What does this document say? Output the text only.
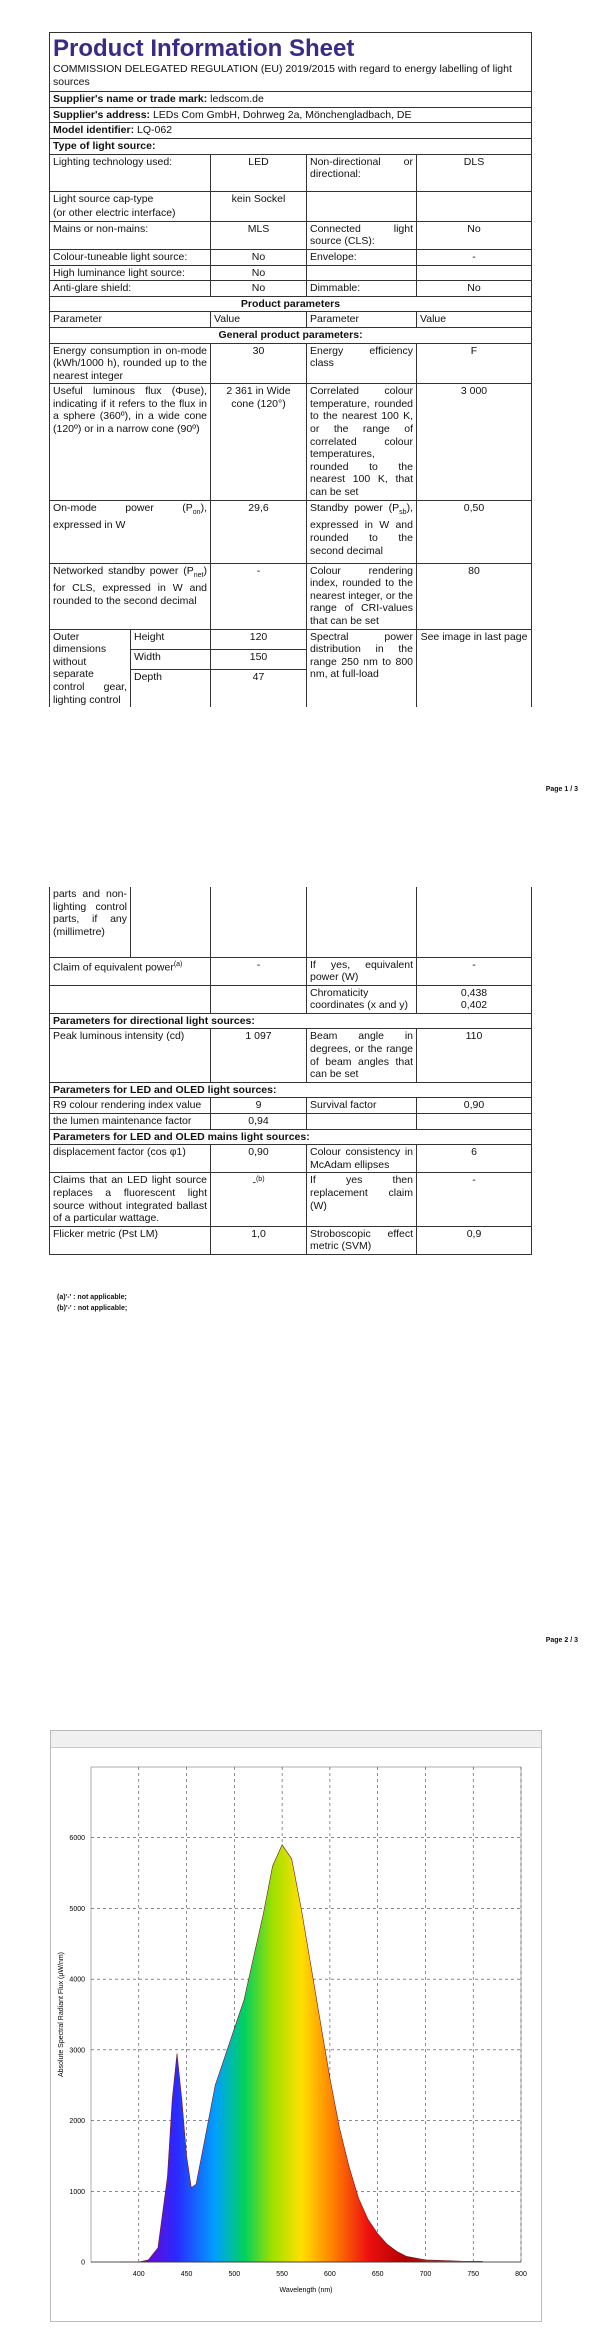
Product Information Sheet
COMMISSION DELEGATED REGULATION (EU) 2019/2015 with regard to energy labelling of light sources				

Supplier's name or trade mark: ledscom.de				
Supplier's address: LEDs Com GmbH, Dohrweg 2a, Mönchengladbach, DE				
Model identifier: LQ-062				
Type of light source:				
Lighting technology used:		LED	Non-directional or directional:	DLS

Light source cap-type
(or other electric interface)		kein Sockel		
Mains or non-mains:		MLS	Connected light source (CLS):	No
Colour-tuneable light source:		No	Envelope:	-
High luminance light source:		No		
Anti-glare shield:		No	Dimmable:	No
Product parameters				
Parameter		Value	Parameter	Value
General product parameters:				
Energy consumption in on-mode (kWh/1000 h), rounded up to the nearest integer		30	Energy efficiency class	F
Useful luminous flux (Φuse), indicating if it refers to the flux in a sphere (360º), in a wide cone (120º) or in a narrow cone (90º)		2 361 in Wide cone (120°)	Correlated colour temperature, rounded to the nearest 100 K, or the range of correlated colour temperatures, rounded to the nearest 100 K, that can be set	3 000
On-mode power $(P_{on})$, expressed in W		29,6	Standby power $(P_{sb})$, expressed in W and rounded to the second decimal	0,50
Networked standby power $(P_{net})$ for CLS, expressed in W and rounded to the second decimal		-	Colour rendering index, rounded to the nearest integer, or the range of CRI-values that can be set	80
Outer dimensions without separate control gear, lighting control	Height	120	Spectral power distribution in the range 250 nm to 800 nm, at full-load	See image in last page
	Width	150		
	Depth	47		
Page 1 / 3
parts and non-lighting control parts, if any (millimetre)				
Claim of equivalent power$^{(a)}$		-	If yes, equivalent power (W)	-
			Chromaticity coordinates (x and y)	0,438
0,402

Parameters for directional light sources:				
Peak luminous intensity (cd)		1 097	Beam angle in degrees, or the range of beam angles that can be set	110
Parameters for LED and OLED light sources:				
R9 colour rendering index value		9	Survival factor	0,90
the lumen maintenance factor		0,94		
Parameters for LED and OLED mains light sources:				
displacement factor (cos φ1)		0,90	Colour consistency in McAdam ellipses	6
Claims that an LED light source replaces a fluorescent light source without integrated ballast of a particular wattage.		-$^{(b)}$	If yes then replacement claim (W)	-
Flicker metric (Pst LM)		1,0	Stroboscopic effect metric (SVM)	0,9
(a)'-' : not applicable;
(b)'-' : not applicable;
Page 2 / 3
400	450	500	550	600	650	700	750	800
0
1000
2000
3000
4000
5000
6000
Wavelength (nm)
Absolute Spectral Radiant Flux (μW/nm)
